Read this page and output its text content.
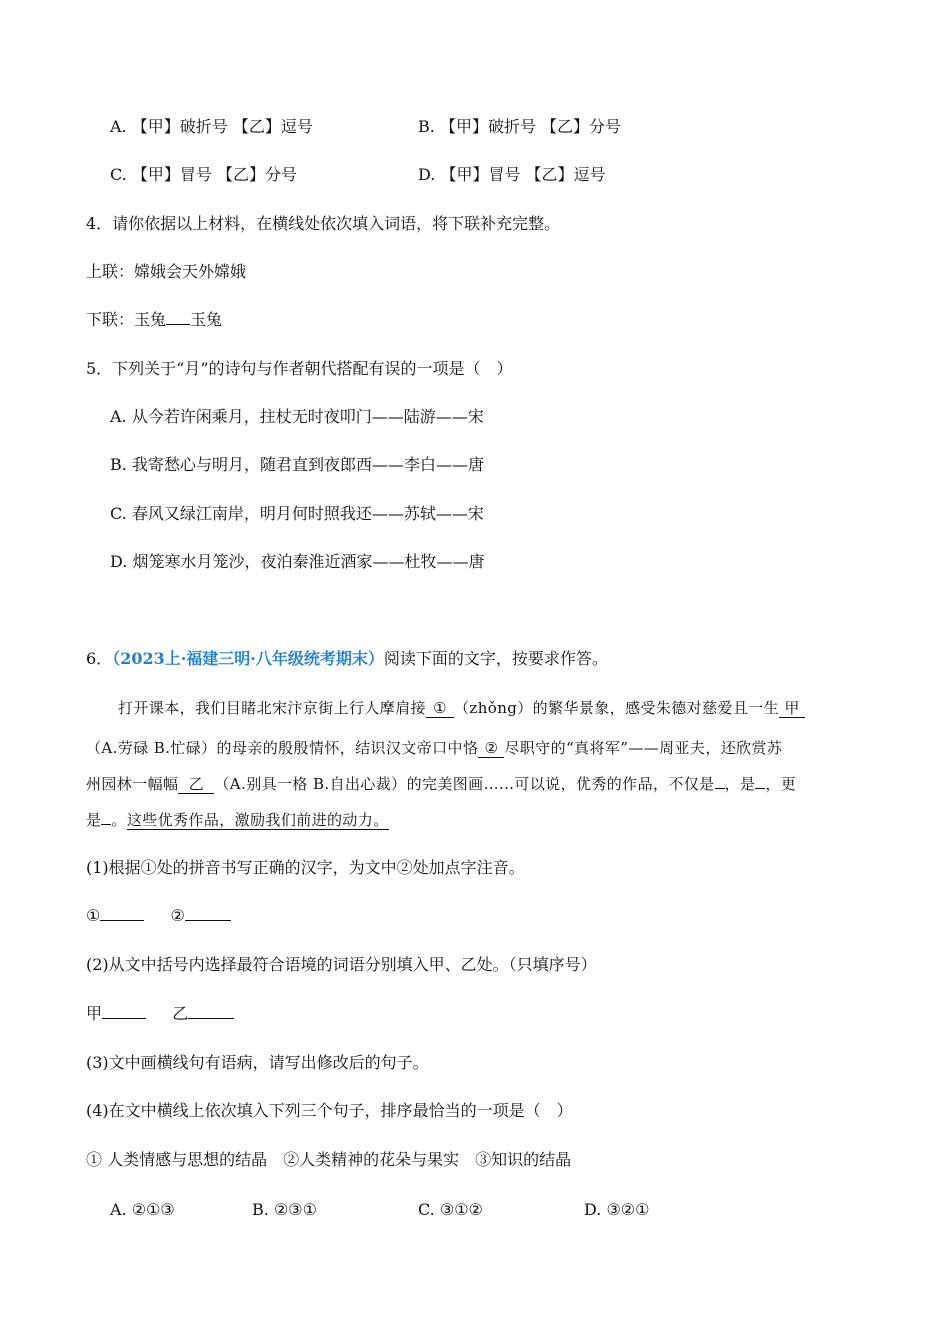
A. 【甲】破折号 【乙】逗号	B. 【甲】破折号 【乙】分号
C. 【甲】冒号 【乙】分号	D. 【甲】冒号 【乙】逗号
4．请你依据以上材料，在横线处依次填入词语，将下联补充完整。
上联：嫦娥会天外嫦娥
下联：玉兔 玉兔
5．下列关于“月”的诗句与作者朝代搭配有误的一项是（　）
A. 从今若许闲乘月，拄杖无时夜叩门——陆游——宋
B. 我寄愁心与明月，随君直到夜郎西——李白——唐
C. 春风又绿江南岸，明月何时照我还——苏轼——宋
D. 烟笼寒水月笼沙，夜泊秦淮近酒家——杜牧——唐
6．（2023上·福建三明·八年级统考期末）阅读下面的文字，按要求作答。
打开课本，我们目睹北宋汴京街上行人摩肩接 ① （zhǒng）的繁华景象，感受朱德对慈爱且一生 甲
（A.劳碌 B.忙碌）的母亲的殷殷情怀，结识汉文帝口中恪 ② 尽职守的“真将军”——周亚夫，还欣赏苏
州园林一幅幅 乙 （A.别具一格 B.自出心裁）的完美图画……可以说，优秀的作品，不仅是 ，是 ，更
是 。这些优秀作品，激励我们前进的动力。
(1)根据①处的拼音书写正确的汉字，为文中②处加点字注音。
①	②
(2)从文中括号内选择最符合语境的词语分别填入甲、乙处。（只填序号）
甲	乙
(3)文中画横线句有语病，请写出修改后的句子。
(4)在文中横线上依次填入下列三个句子，排序最恰当的一项是（　）
① 人类情感与思想的结晶　②人类精神的花朵与果实　③知识的结晶
A. ②①③	B. ②③①	C. ③①②	D. ③②①
